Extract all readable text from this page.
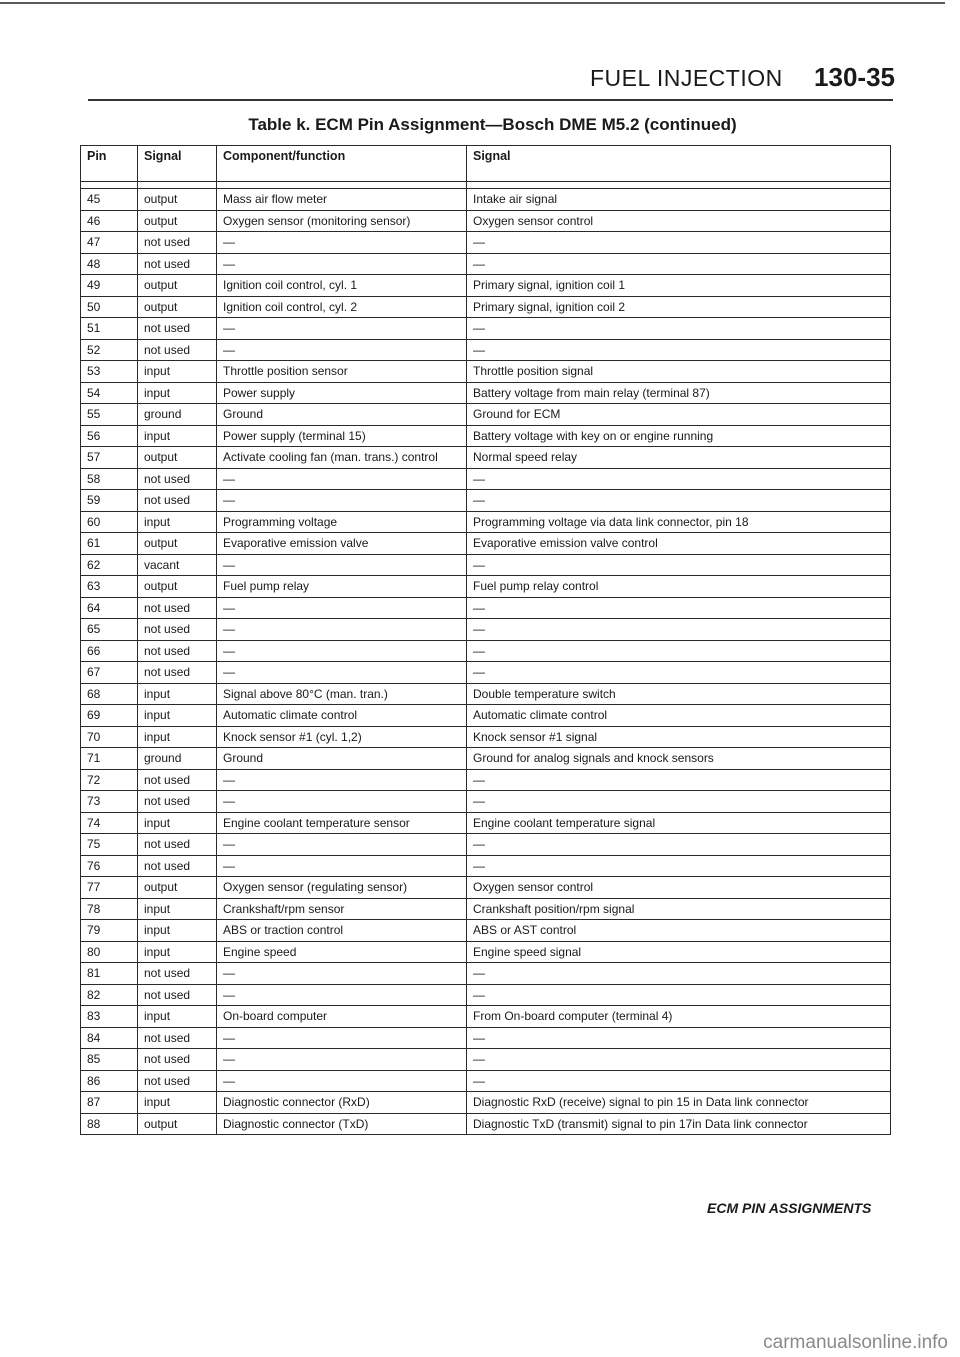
FUEL INJECTION 130-35
Table k. ECM Pin Assignment—Bosch DME M5.2 (continued)
Pin	Signal	Component/function	Signal

45	output	Mass air flow meter	Intake air signal
46	output	Oxygen sensor (monitoring sensor)	Oxygen sensor control
47	not used	—	—
48	not used	—	—
49	output	Ignition coil control, cyl. 1	Primary signal, ignition coil 1
50	output	Ignition coil control, cyl. 2	Primary signal, ignition coil 2
51	not used	—	—
52	not used	—	—
53	input	Throttle position sensor	Throttle position signal
54	input	Power supply	Battery voltage from main relay (terminal 87)
55	ground	Ground	Ground for ECM
56	input	Power supply (terminal 15)	Battery voltage with key on or engine running
57	output	Activate cooling fan (man. trans.) control	Normal speed relay
58	not used	—	—
59	not used	—	—
60	input	Programming voltage	Programming voltage via data link connector, pin 18
61	output	Evaporative emission valve	Evaporative emission valve control
62	vacant	—	—
63	output	Fuel pump relay	Fuel pump relay control
64	not used	—	—
65	not used	—	—
66	not used	—	—
67	not used	—	—
68	input	Signal above 80°C (man. tran.)	Double temperature switch
69	input	Automatic climate control	Automatic climate control
70	input	Knock sensor #1 (cyl. 1,2)	Knock sensor #1 signal
71	ground	Ground	Ground for analog signals and knock sensors
72	not used	—	—
73	not used	—	—
74	input	Engine coolant temperature sensor	Engine coolant temperature signal
75	not used	—	—
76	not used	—	—
77	output	Oxygen sensor (regulating sensor)	Oxygen sensor control
78	input	Crankshaft/rpm sensor	Crankshaft position/rpm signal
79	input	ABS or traction control	ABS or AST control
80	input	Engine speed	Engine speed signal
81	not used	—	—
82	not used	—	—
83	input	On-board computer	From On-board computer (terminal 4)
84	not used	—	—
85	not used	—	—
86	not used	—	—
87	input	Diagnostic connector (RxD)	Diagnostic RxD (receive) signal to pin 15 in Data link connector
88	output	Diagnostic connector (TxD)	Diagnostic TxD (transmit) signal to pin 17in Data link connector
ECM PIN ASSIGNMENTS
carmanualsonline.info
